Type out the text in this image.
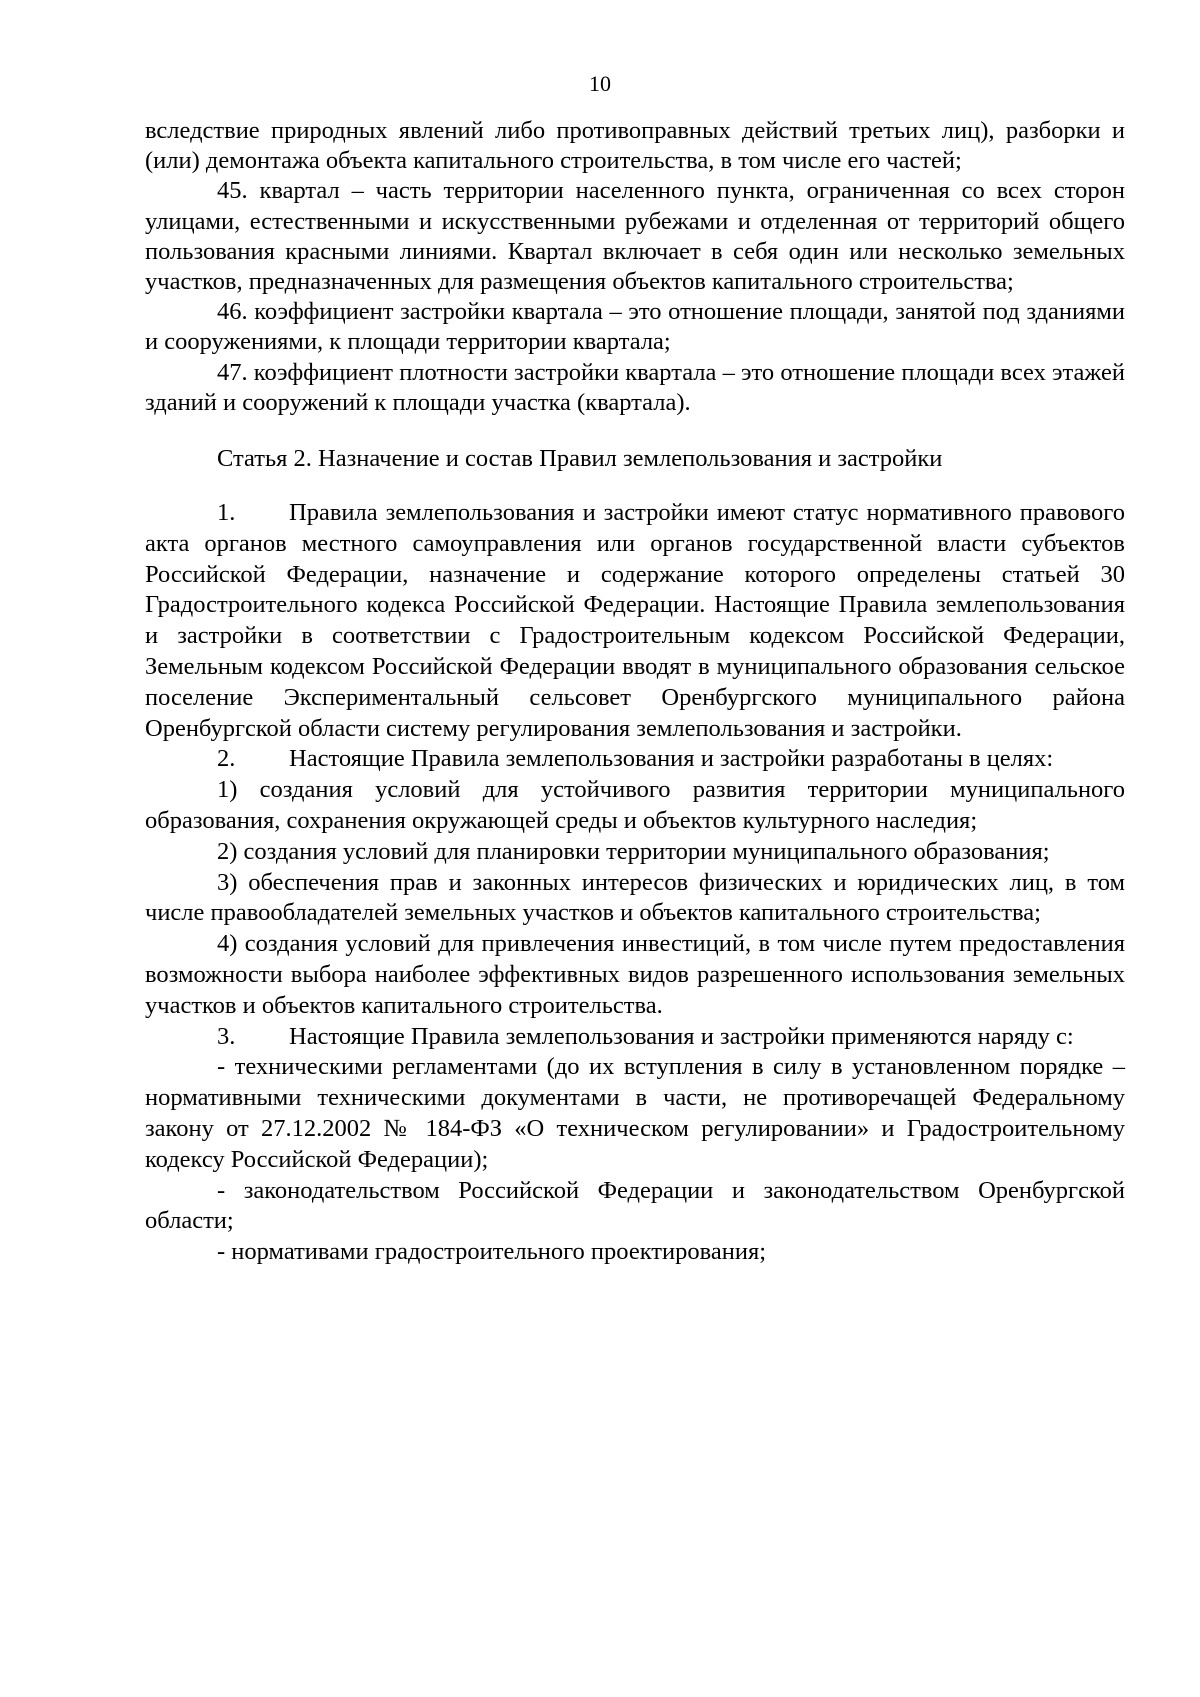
10

вследствие природных явлений либо противоправных действий третьих лиц), разборки и (или) демонтажа объекта капитального строительства, в том числе его частей;

45. квартал – часть территории населенного пункта, ограниченная со всех сторон улицами, естественными и искусственными рубежами и отделенная от территорий общего пользования красными линиями. Квартал включает в себя один или несколько земельных участков, предназначенных для размещения объектов капитального строительства;

46. коэффициент застройки квартала – это отношение площади, занятой под зданиями и сооружениями, к площади территории квартала;

47. коэффициент плотности застройки квартала – это отношение площади всех этажей зданий и сооружений к площади участка (квартала).

Статья 2. Назначение и состав Правил землепользования и застройки

1. Правила землепользования и застройки имеют статус нормативного правового акта органов местного самоуправления или органов государственной власти субъектов Российской Федерации, назначение и содержание которого определены статьей 30 Градостроительного кодекса Российской Федерации. Настоящие Правила землепользования и застройки в соответствии с Градостроительным кодексом Российской Федерации, Земельным кодексом Российской Федерации вводят в муниципального образования сельское поселение Экспериментальный сельсовет Оренбургского муниципального района Оренбургской области систему регулирования землепользования и застройки.

2. Настоящие Правила землепользования и застройки разработаны в целях:

1) создания условий для устойчивого развития территории муниципального образования, сохранения окружающей среды и объектов культурного наследия;

2) создания условий для планировки территории муниципального образования;

3) обеспечения прав и законных интересов физических и юридических лиц, в том числе правообладателей земельных участков и объектов капитального строительства;

4) создания условий для привлечения инвестиций, в том числе путем предоставления возможности выбора наиболее эффективных видов разрешенного использования земельных участков и объектов капитального строительства.

3. Настоящие Правила землепользования и застройки применяются наряду с:

- техническими регламентами (до их вступления в силу в установленном порядке – нормативными техническими документами в части, не противоречащей Федеральному закону от 27.12.2002 № 184-ФЗ «О техническом регулировании» и Градостроительному кодексу Российской Федерации);

- законодательством Российской Федерации и законодательством Оренбургской области;

- нормативами градостроительного проектирования;
